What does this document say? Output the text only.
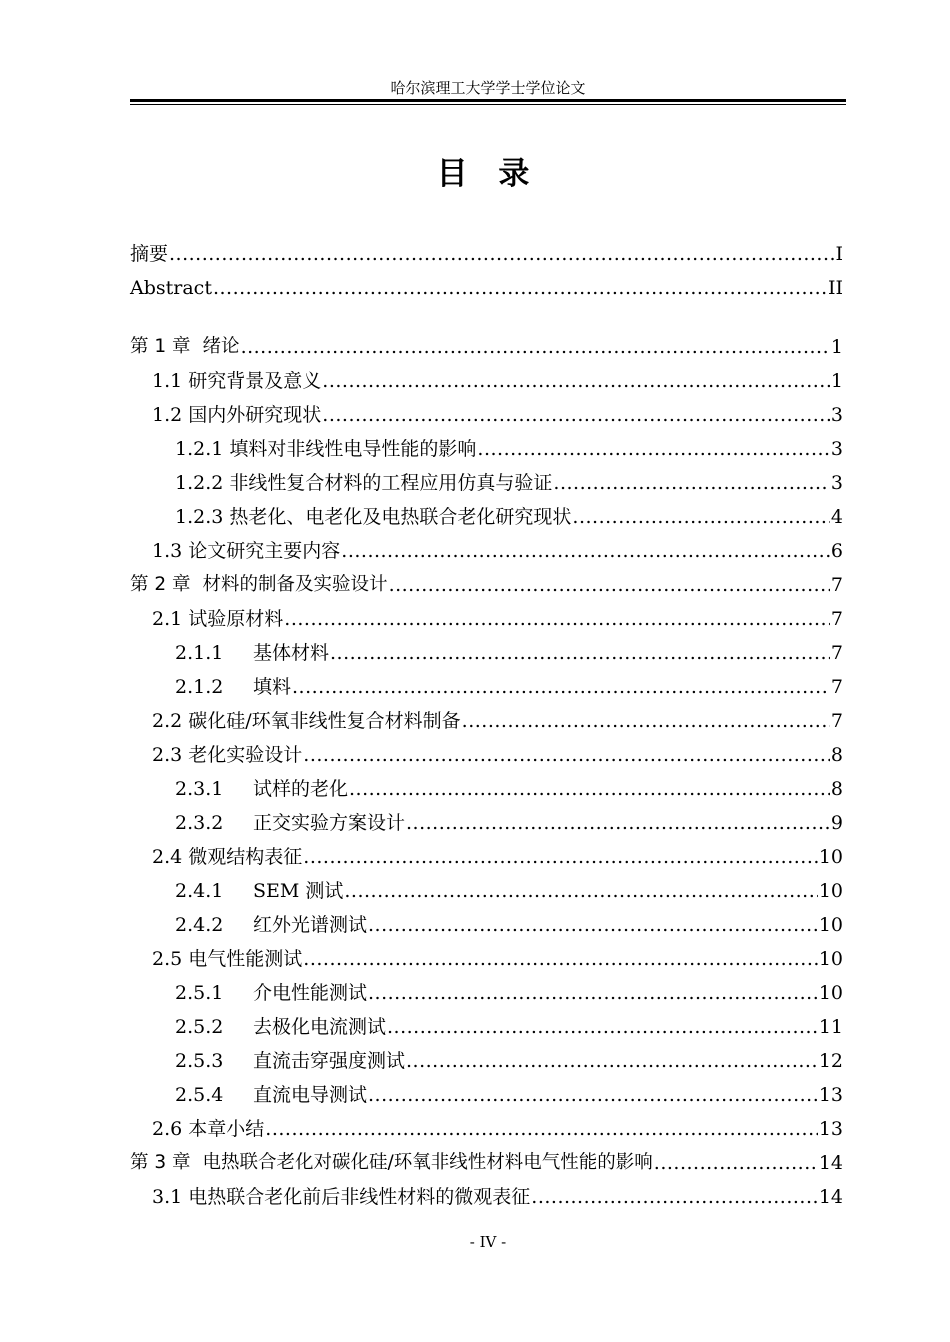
哈尔滨理工大学学士学位论文
目 录
摘要 .....	I
Abstract .....	II
第 1 章 绪论 .....	1
1.1 研究背景及意义 .....	1
1.2 国内外研究现状 .....	3
1.2.1 填料对非线性电导性能的影响 .....	3
1.2.2 非线性复合材料的工程应用仿真与验证 .....	3
1.2.3 热老化、电老化及电热联合老化研究现状 .....	4
1.3 论文研究主要内容 .....	6
第 2 章 材料的制备及实验设计 .....	7
2.1 试验原材料 .....	7
2.1.1 基体材料 .....	7
2.1.2 填料 .....	7
2.2 碳化硅/环氧非线性复合材料制备 .....	7
2.3 老化实验设计 .....	8
2.3.1 试样的老化 .....	8
2.3.2 正交实验方案设计 .....	9
2.4 微观结构表征 .....	10
2.4.1 SEM 测试 .....	10
2.4.2 红外光谱测试 .....	10
2.5 电气性能测试 .....	10
2.5.1 介电性能测试 .....	10
2.5.2 去极化电流测试 .....	11
2.5.3 直流击穿强度测试 .....	12
2.5.4 直流电导测试 .....	13
2.6 本章小结 .....	13
第 3 章 电热联合老化对碳化硅/环氧非线性材料电气性能的影响 .....	14
3.1 电热联合老化前后非线性材料的微观表征 .....	14
- IV -
